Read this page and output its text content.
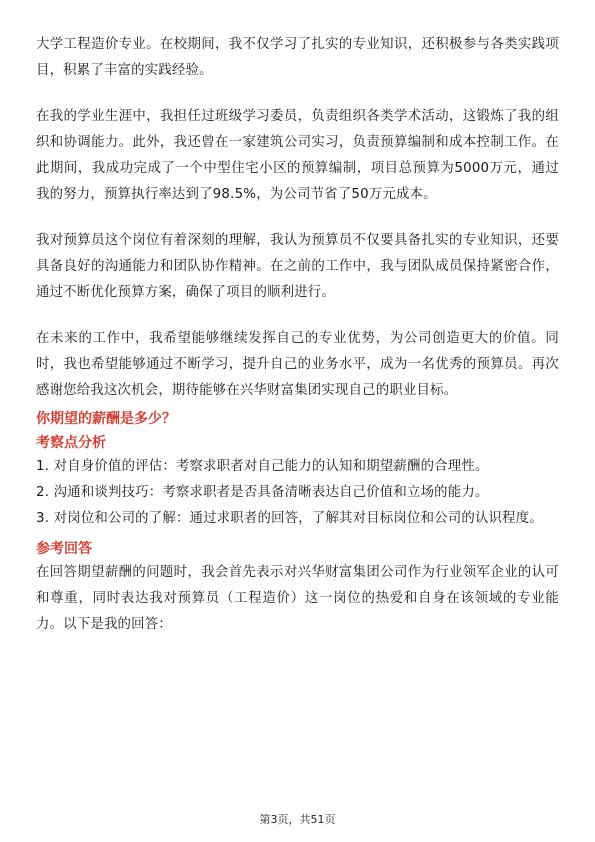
大学工程造价专业。在校期间，我不仅学习了扎实的专业知识，还积极参与各类实践项目，积累了丰富的实践经验。

在我的学业生涯中，我担任过班级学习委员，负责组织各类学术活动，这锻炼了我的组织和协调能力。此外，我还曾在一家建筑公司实习，负责预算编制和成本控制工作。在此期间，我成功完成了一个中型住宅小区的预算编制，项目总预算为5000万元，通过我的努力，预算执行率达到了98.5%，为公司节省了50万元成本。

我对预算员这个岗位有着深刻的理解，我认为预算员不仅要具备扎实的专业知识，还要具备良好的沟通能力和团队协作精神。在之前的工作中，我与团队成员保持紧密合作，通过不断优化预算方案，确保了项目的顺利进行。

在未来的工作中，我希望能够继续发挥自己的专业优势，为公司创造更大的价值。同时，我也希望能够通过不断学习，提升自己的业务水平，成为一名优秀的预算员。再次感谢您给我这次机会，期待能够在兴华财富集团实现自己的职业目标。

你期望的薪酬是多少？
考察点分析

1. 对自身价值的评估：考察求职者对自己能力的认知和期望薪酬的合理性。

2. 沟通和谈判技巧：考察求职者是否具备清晰表达自己价值和立场的能力。

3. 对岗位和公司的了解：通过求职者的回答，了解其对目标岗位和公司的认识程度。

参考回答

在回答期望薪酬的问题时，我会首先表示对兴华财富集团公司作为行业领军企业的认可和尊重，同时表达我对预算员（工程造价）这一岗位的热爱和自身在该领域的专业能力。以下是我的回答：

第3页，共51页
